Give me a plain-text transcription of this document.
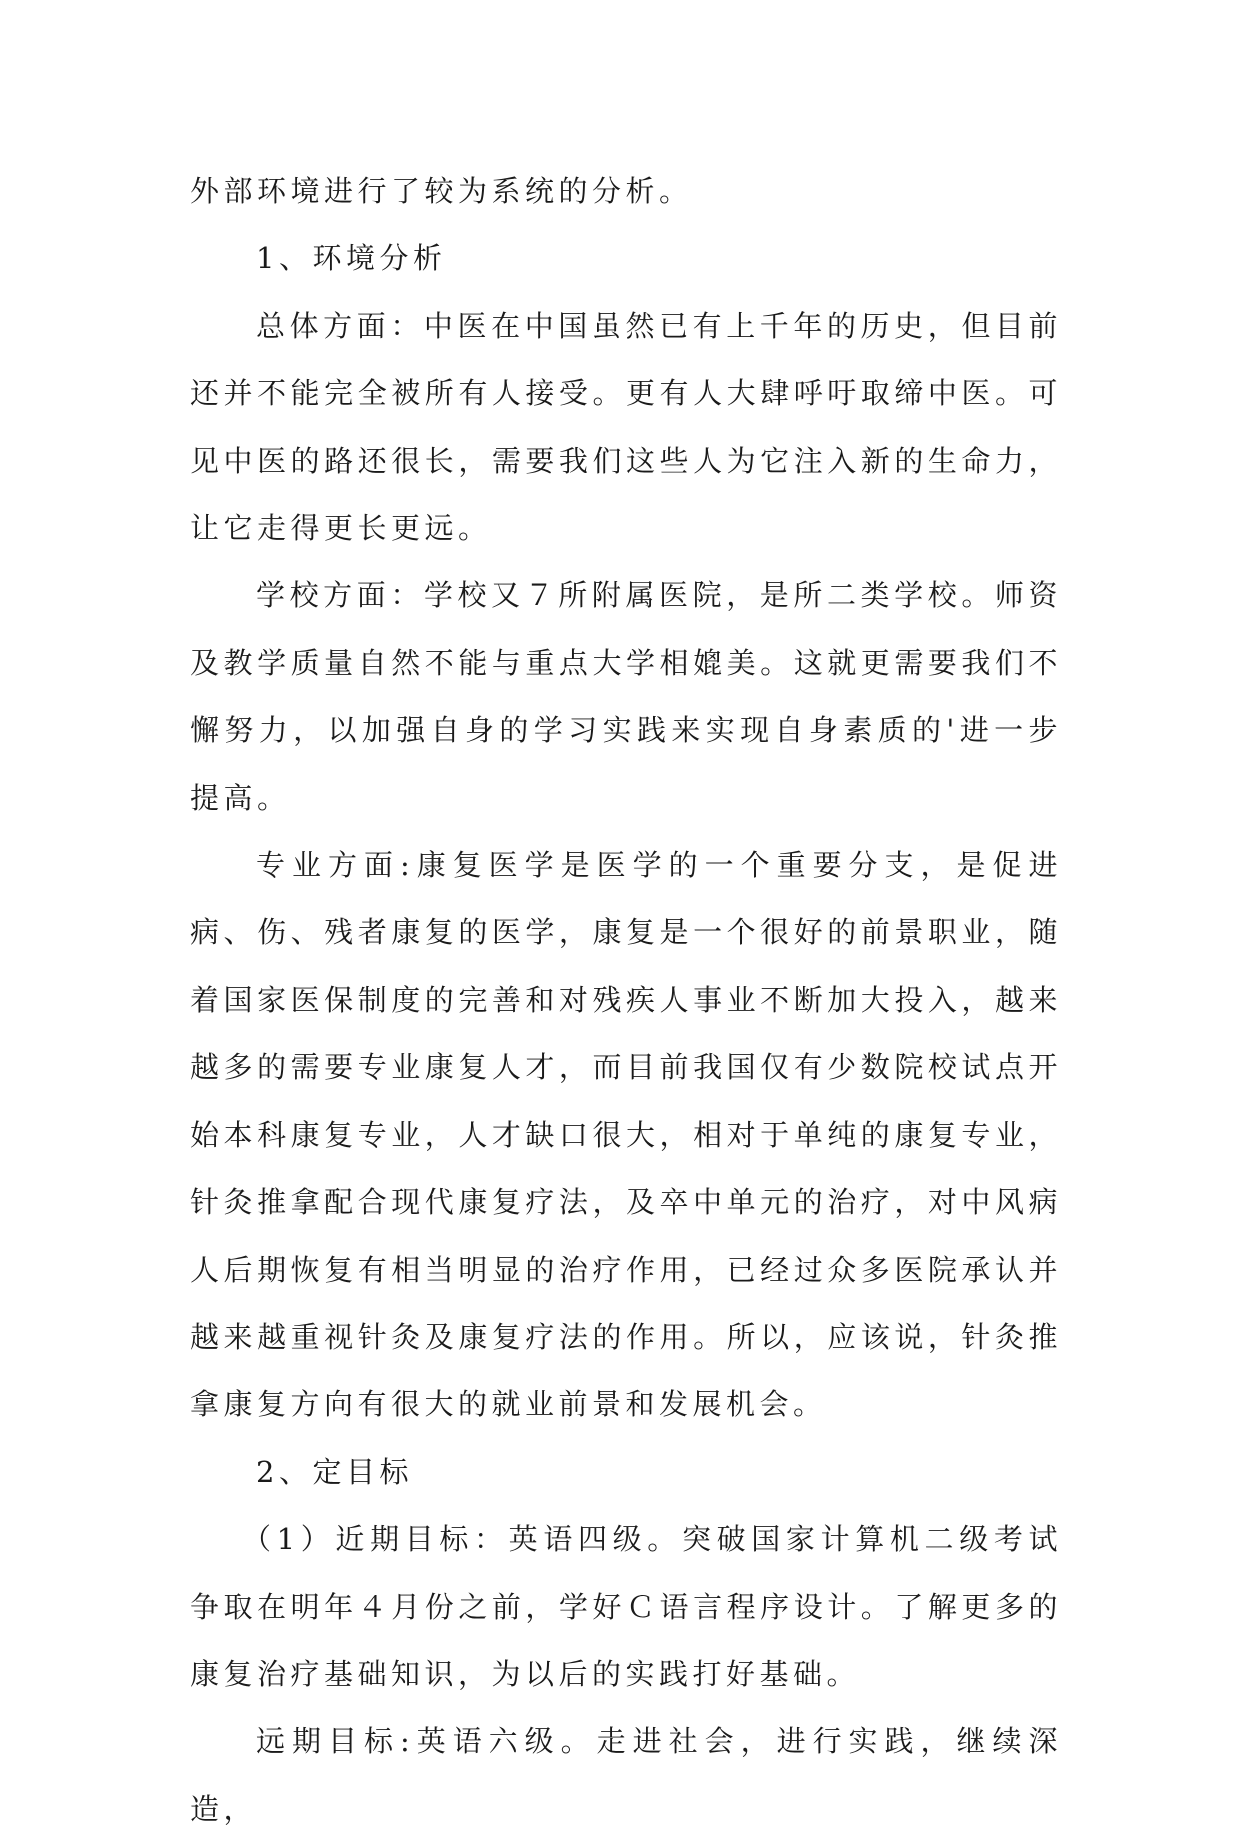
外部环境进行了较为系统的分析。

1、环境分析

总体方面：中医在中国虽然已有上千年的历史，但目前还并不能完全被所有人接受。更有人大肆呼吁取缔中医。可见中医的路还很长，需要我们这些人为它注入新的生命力，让它走得更长更远。

学校方面：学校又７所附属医院，是所二类学校。师资及教学质量自然不能与重点大学相媲美。这就更需要我们不懈努力，以加强自身的学习实践来实现自身素质的'进一步提高。

专业方面:康复医学是医学的一个重要分支，是促进病、伤、残者康复的医学，康复是一个很好的前景职业，随着国家医保制度的完善和对残疾人事业不断加大投入，越来越多的需要专业康复人才，而目前我国仅有少数院校试点开始本科康复专业，人才缺口很大，相对于单纯的康复专业，针灸推拿配合现代康复疗法，及卒中单元的治疗，对中风病人后期恢复有相当明显的治疗作用，已经过众多医院承认并越来越重视针灸及康复疗法的作用。所以，应该说，针灸推拿康复方向有很大的就业前景和发展机会。

2、定目标

（1）近期目标：英语四级。突破国家计算机二级考试争取在明年４月份之前，学好Ｃ语言程序设计。了解更多的康复治疗基础知识，为以后的实践打好基础。

远期目标:英语六级。走进社会，进行实践，继续深造，
